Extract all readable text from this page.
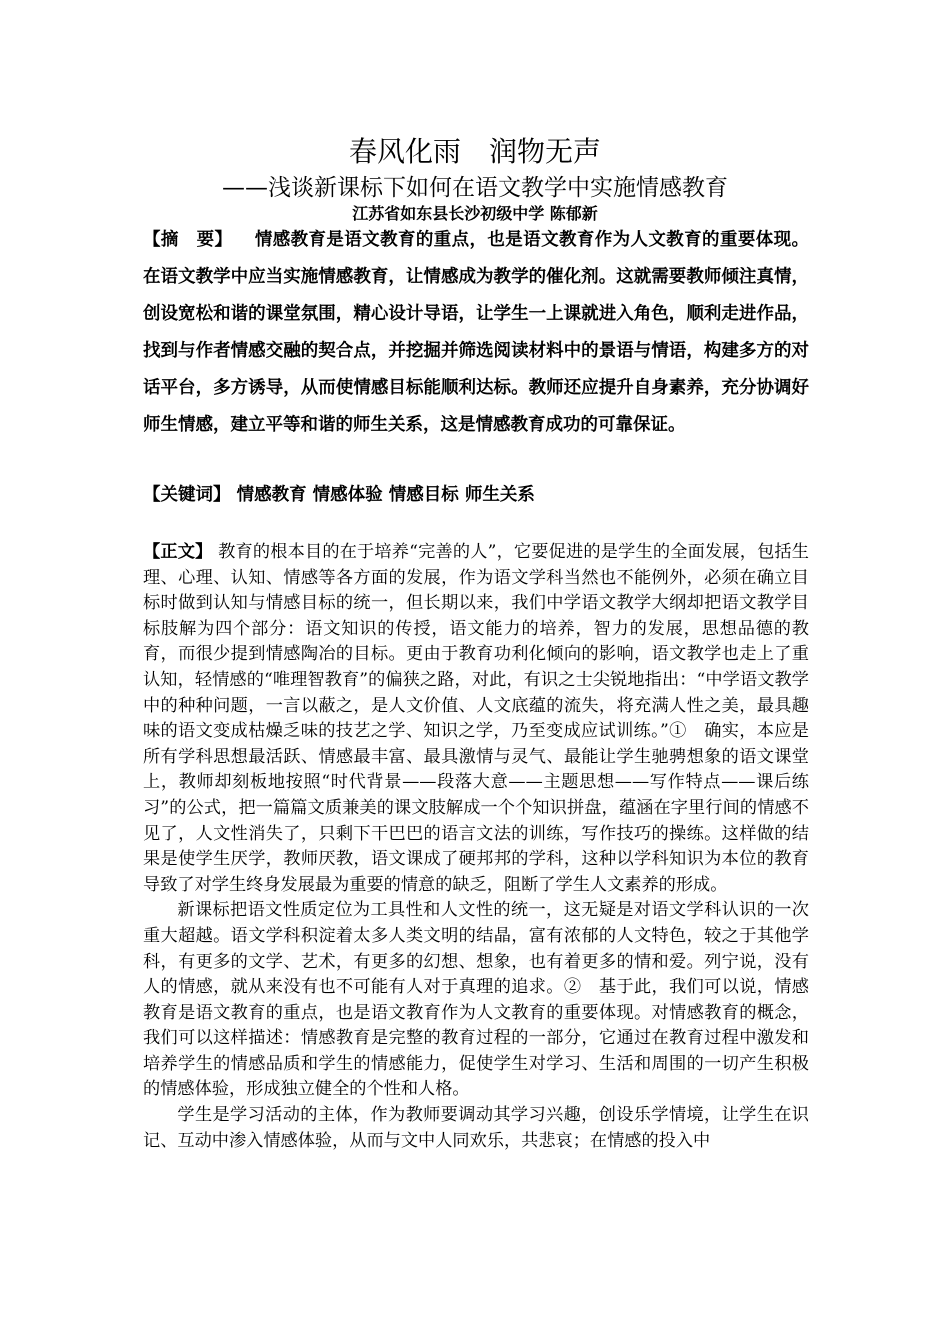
春风化雨　润物无声
——浅谈新课标下如何在语文教学中实施情感教育
江苏省如东县长沙初级中学 陈郁新
【摘　要】 情感教育是语文教育的重点，也是语文教育作为人文教育的重要体现。在语文教学中应当实施情感教育，让情感成为教学的催化剂。这就需要教师倾注真情，创设宽松和谐的课堂氛围，精心设计导语，让学生一上课就进入角色，顺利走进作品，找到与作者情感交融的契合点，并挖掘并筛选阅读材料中的景语与情语，构建多方的对话平台，多方诱导，从而使情感目标能顺利达标。教师还应提升自身素养，充分协调好师生情感，建立平等和谐的师生关系，这是情感教育成功的可靠保证。
【关键词】 情感教育 情感体验 情感目标 师生关系

【正文】 教育的根本目的在于培养“完善的人”，它要促进的是学生的全面发展，包括生理、心理、认知、情感等各方面的发展，作为语文学科当然也不能例外，必须在确立目标时做到认知与情感目标的统一，但长期以来，我们中学语文教学大纲却把语文教学目标肢解为四个部分：语文知识的传授，语文能力的培养，智力的发展，思想品德的教育，而很少提到情感陶冶的目标。更由于教育功利化倾向的影响，语文教学也走上了重认知，轻情感的“唯理智教育”的偏狭之路，对此，有识之士尖锐地指出：“中学语文教学中的种种问题，一言以蔽之，是人文价值、人文底蕴的流失，将充满人性之美，最具趣味的语文变成枯燥乏味的技艺之学、知识之学，乃至变成应试训练。”①　确实，本应是所有学科思想最活跃、情感最丰富、最具激情与灵气、最能让学生驰骋想象的语文课堂上，教师却刻板地按照“时代背景——段落大意——主题思想——写作特点——课后练习”的公式，把一篇篇文质兼美的课文肢解成一个个知识拼盘，蕴涵在字里行间的情感不见了，人文性消失了，只剩下干巴巴的语言文法的训练，写作技巧的操练。这样做的结果是使学生厌学，教师厌教，语文课成了硬邦邦的学科，这种以学科知识为本位的教育导致了对学生终身发展最为重要的情意的缺乏，阻断了学生人文素养的形成。

新课标把语文性质定位为工具性和人文性的统一，这无疑是对语文学科认识的一次重大超越。语文学科积淀着太多人类文明的结晶，富有浓郁的人文特色，较之于其他学科，有更多的文学、艺术，有更多的幻想、想象，也有着更多的情和爱。列宁说，没有人的情感，就从来没有也不可能有人对于真理的追求。②　基于此，我们可以说，情感教育是语文教育的重点，也是语文教育作为人文教育的重要体现。对情感教育的概念，我们可以这样描述：情感教育是完整的教育过程的一部分，它通过在教育过程中激发和培养学生的情感品质和学生的情感能力，促使学生对学习、生活和周围的一切产生积极的情感体验，形成独立健全的个性和人格。

学生是学习活动的主体，作为教师要调动其学习兴趣，创设乐学情境，让学生在识记、互动中渗入情感体验，从而与文中人同欢乐，共悲哀；在情感的投入中
